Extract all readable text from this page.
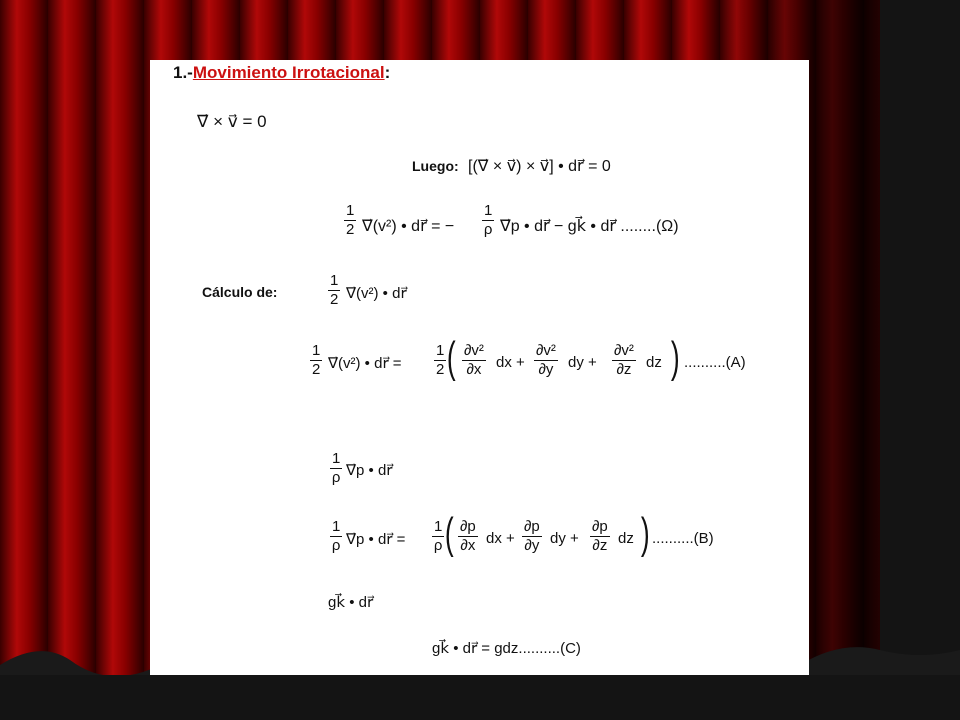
1.-Movimiento Irrotacional:
∇⃗ × v⃗ = 0
Luego: [(∇⃗ × v⃗) × v⃗] • dr⃗ = 0
$\frac{1}{2}$ ∇⃗(v²) • dr⃗ = − $\frac{1}{\rho}$ ∇⃗p • dr⃗ − gk⃗ • dr⃗ ........(Ω)
Cálculo de:	$\frac{1}{2}$ ∇⃗(v²) • dr⃗
$\frac{1}{2}$ ∇⃗(v²) • dr⃗ = $\frac{1}{2}$ ( $\frac{\text{∂v²}}{\partial x}$ dx + $\frac{\text{∂v²}}{\partial y}$ dy + $\frac{\text{∂v²}}{\partial z}$ dz ) ..........(A)
$\frac{1}{\rho}$ ∇⃗p • dr⃗
$\frac{1}{\rho}$ ∇⃗p • dr⃗ = $\frac{1}{\rho}$ ( $\frac{\partial p}{\partial x}$ dx + $\frac{\partial p}{\partial y}$ dy + $\frac{\partial p}{\partial z}$ dz ) ..........(B)
gk⃗ • dr⃗
gk⃗ • dr⃗ = gdz..........(C)
